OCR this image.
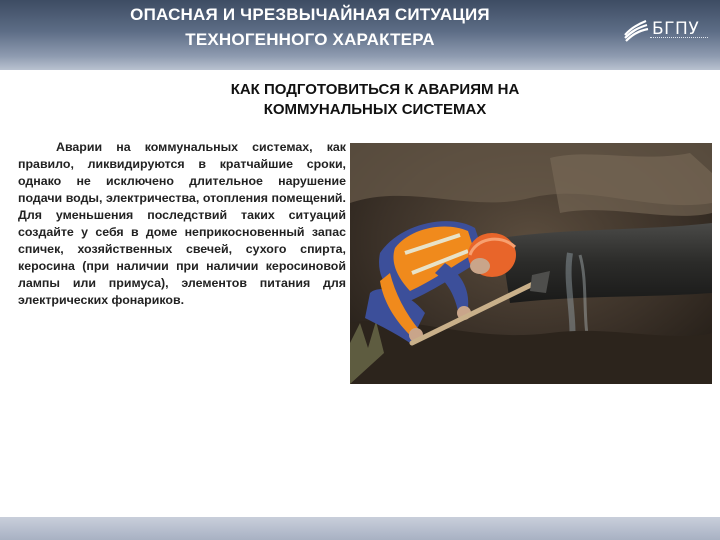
ОПАСНАЯ И ЧРЕЗВЫЧАЙНАЯ СИТУАЦИЯ
ТЕХНОГЕННОГО ХАРАКТЕРА
БГПУ
КАК ПОДГОТОВИТЬСЯ К АВАРИЯМ НА
КОММУНАЛЬНЫХ СИСТЕМАХ

Аварии на коммунальных системах, как правило, ликвидируются в кратчайшие сроки, однако не исключено длительное нарушение подачи воды, электричества, отопления помещений. Для уменьшения последствий таких ситуаций создайте у себя в доме неприкосновенный запас спичек, хозяйственных свечей, сухого спирта, керосина (при наличии при наличии керосиновой лампы или примуса), элементов питания для электрических фонариков.
